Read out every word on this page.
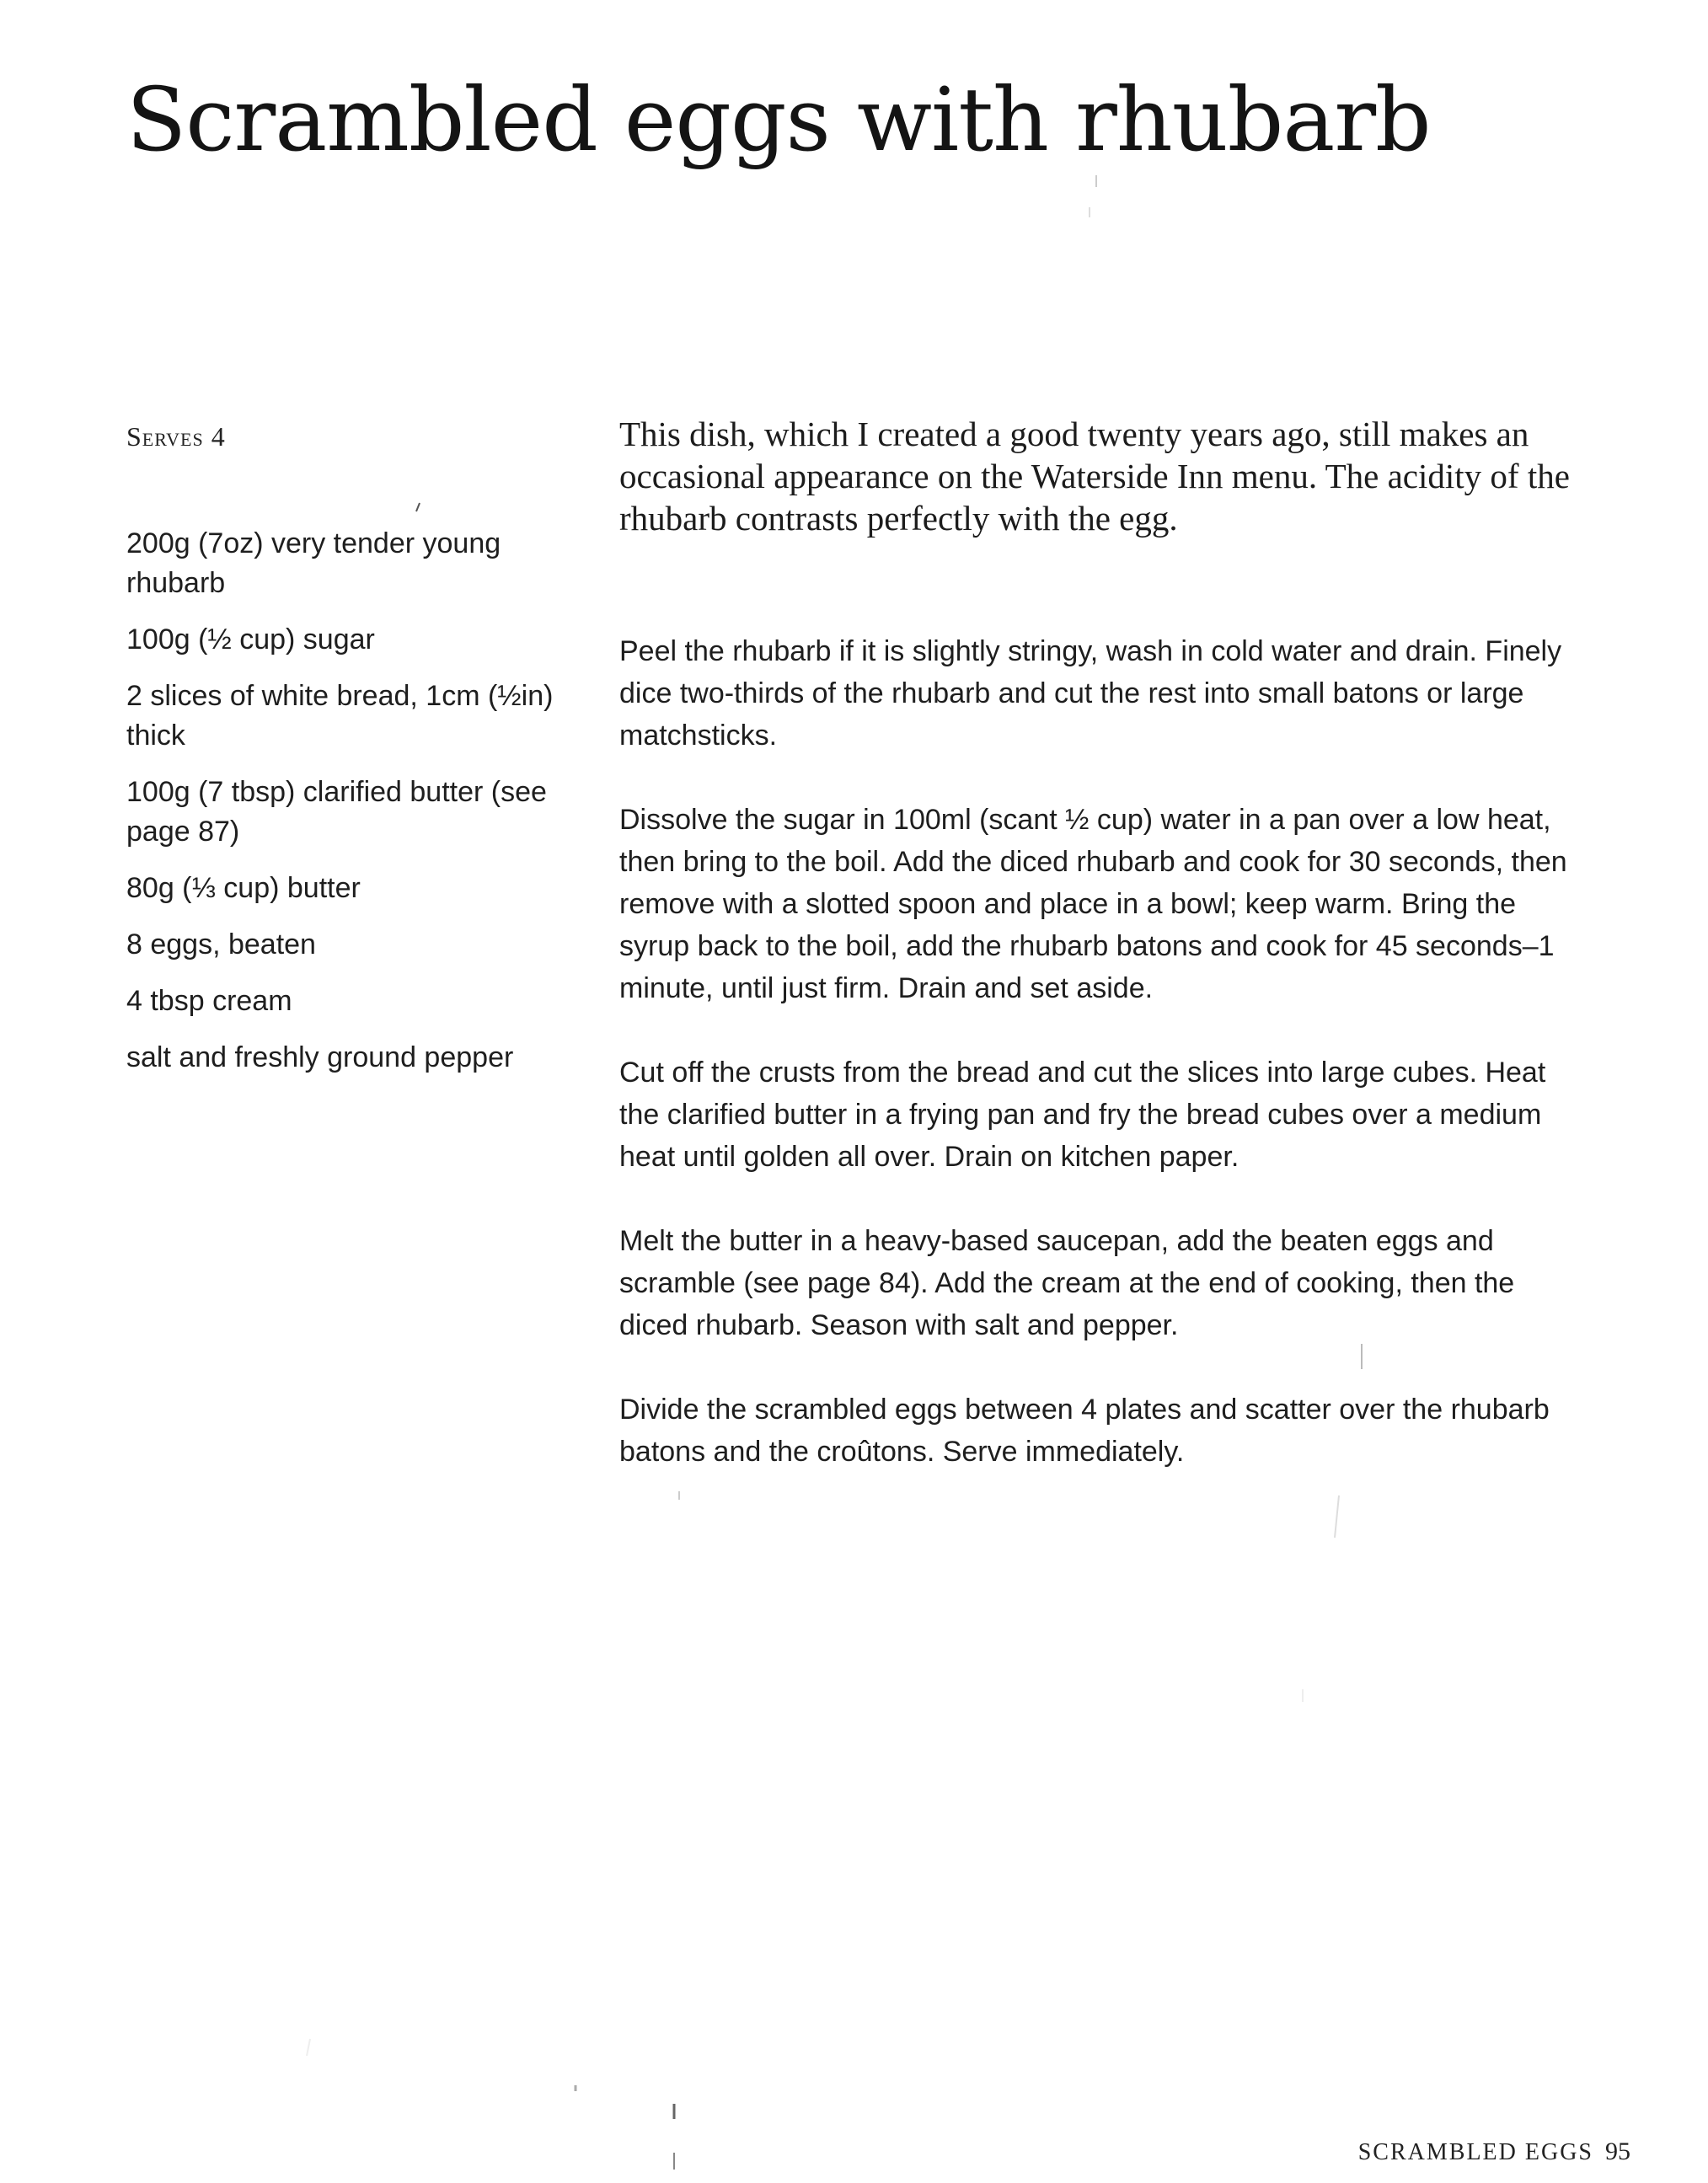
Scrambled eggs with rhubarb
Serves 4
200g (7oz) very tender young rhubarb
100g (½ cup) sugar
2 slices of white bread, 1cm (½in) thick
100g (7 tbsp) clarified butter (see page 87)
80g (⅓ cup) butter
8 eggs, beaten
4 tbsp cream
salt and freshly ground pepper

This dish, which I created a good twenty years ago, still makes an occasional appearance on the Waterside Inn menu. The acidity of the rhubarb contrasts perfectly with the egg.

Peel the rhubarb if it is slightly stringy, wash in cold water and drain. Finely dice two-thirds of the rhubarb and cut the rest into small batons or large matchsticks.

Dissolve the sugar in 100ml (scant ½ cup) water in a pan over a low heat, then bring to the boil. Add the diced rhubarb and cook for 30 seconds, then remove with a slotted spoon and place in a bowl; keep warm. Bring the syrup back to the boil, add the rhubarb batons and cook for 45 seconds–1 minute, until just firm. Drain and set aside.

Cut off the crusts from the bread and cut the slices into large cubes. Heat the clarified butter in a frying pan and fry the bread cubes over a medium heat until golden all over. Drain on kitchen paper.

Melt the butter in a heavy-based saucepan, add the beaten eggs and scramble (see page 84). Add the cream at the end of cooking, then the diced rhubarb. Season with salt and pepper.

Divide the scrambled eggs between 4 plates and scatter over the rhubarb batons and the croûtons. Serve immediately.

SCRAMBLED EGGS 95
